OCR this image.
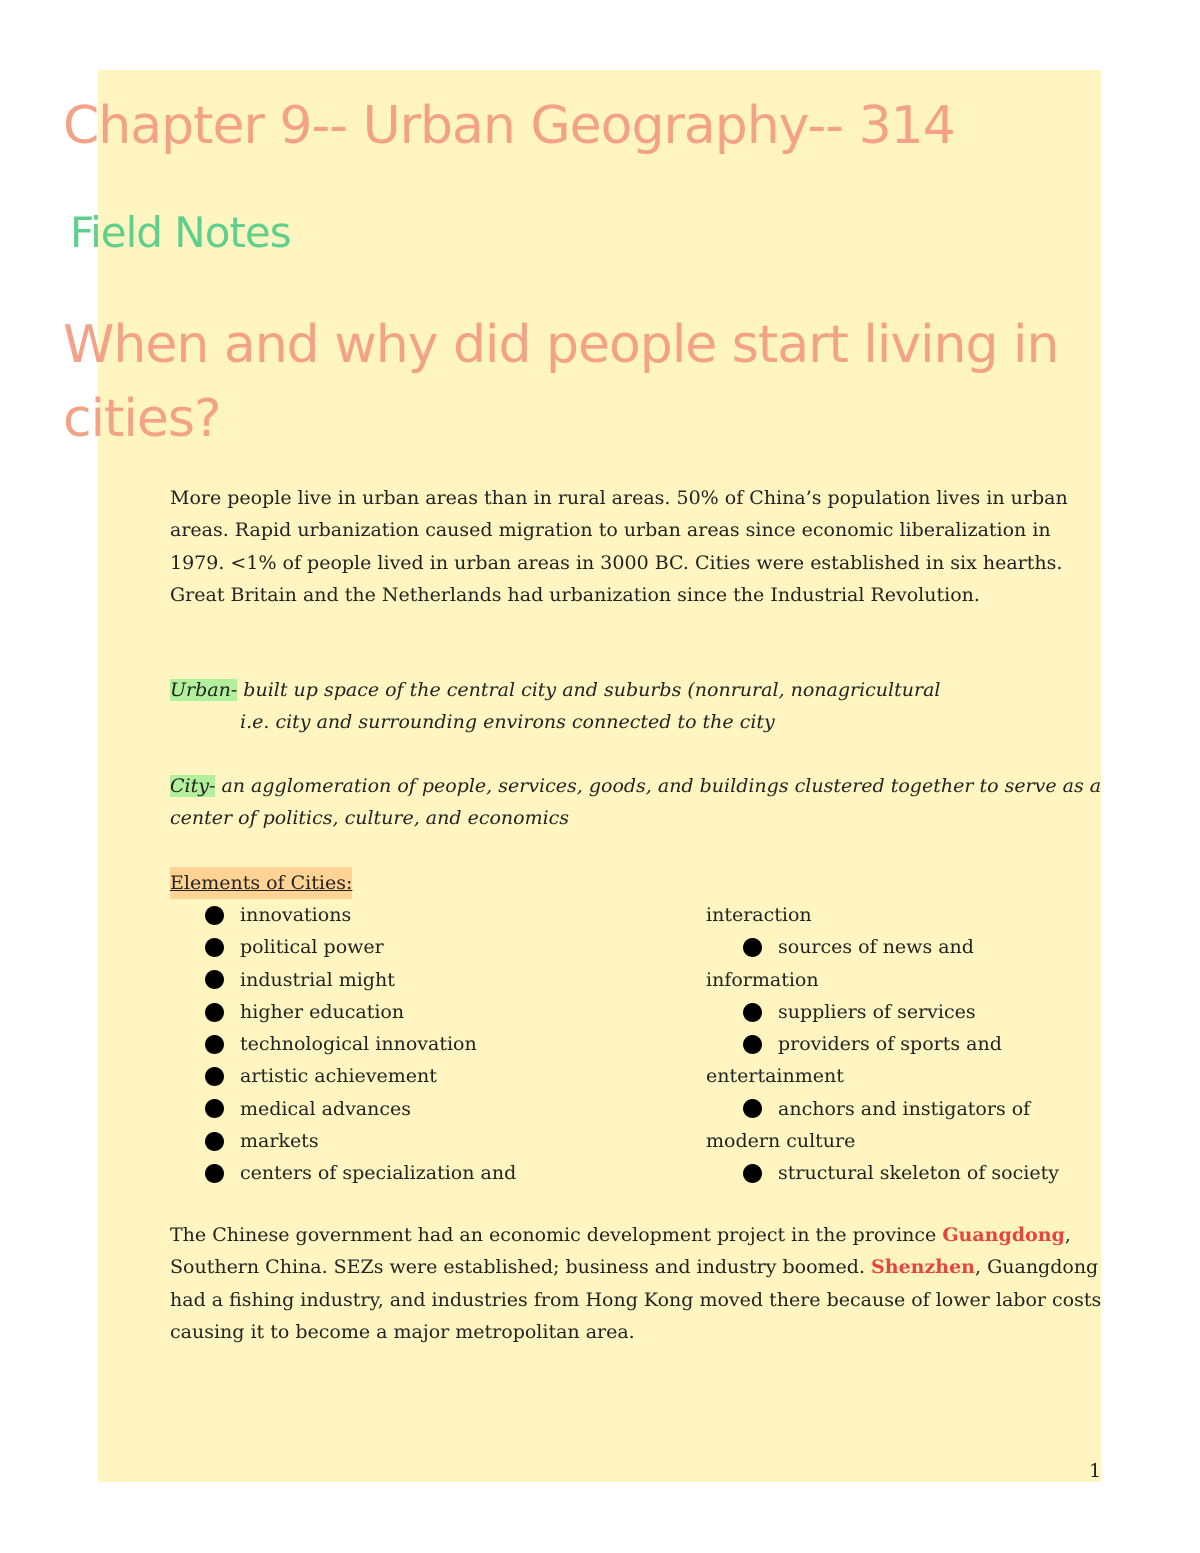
Chapter 9-- Urban Geography-- 314
Field Notes
When and why did people start living in cities?

More people live in urban areas than in rural areas. 50% of China’s population lives in urban areas. Rapid urbanization caused migration to urban areas since economic liberalization in 1979. <1% of people lived in urban areas in 3000 BC. Cities were established in six hearths. Great Britain and the Netherlands had urbanization since the Industrial Revolution.

Urban- built up space of the central city and suburbs (nonrural, nonagricultural

i.e. city and surrounding environs connected to the city

City- an agglomeration of people, services, goods, and buildings clustered together to serve as a center of politics, culture, and economics

Elements of Cities:
innovations
political power
industrial might
higher education
technological innovation
artistic achievement
medical advances
markets
centers of specialization and
interaction
sources of news and
information
suppliers of services
providers of sports and
entertainment
anchors and instigators of
modern culture
structural skeleton of society

The Chinese government had an economic development project in the province Guangdong, Southern China. SEZs were established; business and industry boomed. Shenzhen, Guangdong had a fishing industry, and industries from Hong Kong moved there because of lower labor costs causing it to become a major metropolitan area.

1
